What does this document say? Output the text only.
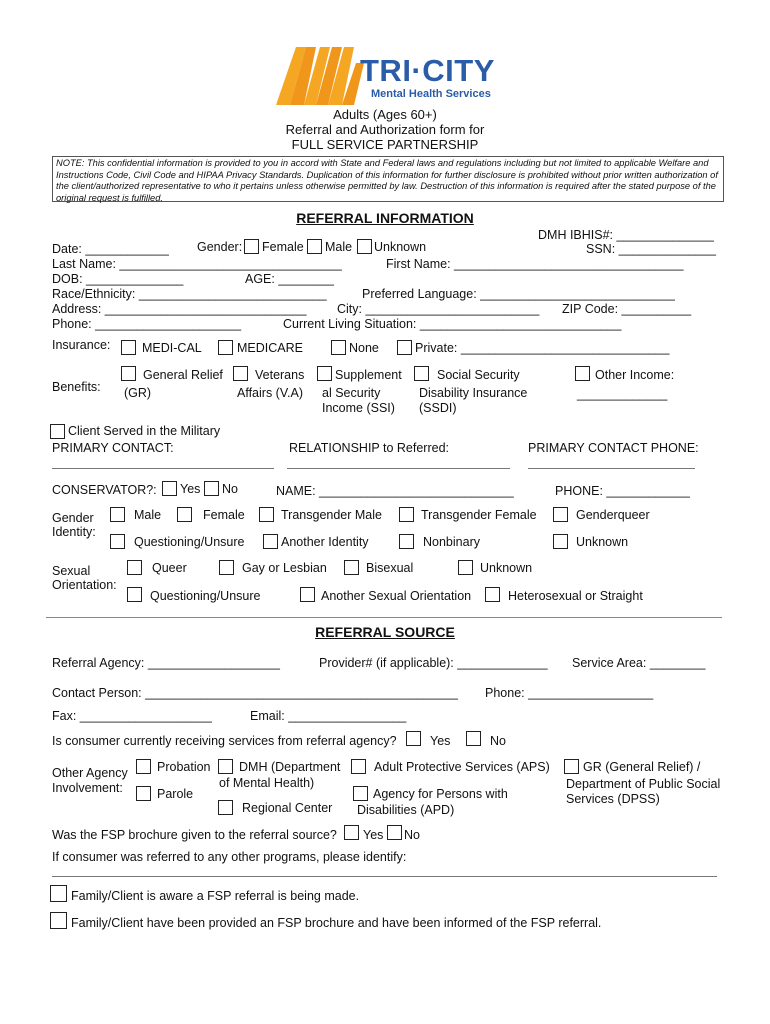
TRI·CITY
Mental Health Services
Adults (Ages 60+)
Referral and Authorization form for
FULL SERVICE PARTNERSHIP
NOTE: This confidential information is provided to you in accord with State and Federal laws and regulations including but not limited to applicable Welfare and Instructions Code, Civil Code and HIPAA Privacy Standards. Duplication of this information for further disclosure is prohibited without prior written authorization of the client/authorized representative to who it pertains unless otherwise permitted by law. Destruction of this information is required after the stated purpose of the original request is fulfilled.
REFERRAL INFORMATION
DMH IBHIS#: ______________
SSN: ______________
Date: ____________ Gender: Female Male Unknown
Last Name: ________________________________	First Name: _________________________________
DOB: ______________	AGE: ________
Race/Ethnicity: ___________________________	Preferred Language: ____________________________
Address: _____________________________ City: _________________________ ZIP Code: __________
Phone: _____________________	Current Living Situation: _____________________________
Insurance:	MEDI-CAL	MEDICARE	None	Private: ______________________________
Benefits:
General Relief
(GR)
Veterans
Affairs (V.A)
Supplement
al Security
Income (SSI)
Social Security
Disability Insurance
(SSDI)
Other Income:
_____________
Client Served in the Military
PRIMARY CONTACT:	RELATIONSHIP to Referred:	PRIMARY CONTACT PHONE:
CONSERVATOR?: Yes No	NAME: ____________________________	PHONE: ____________
Gender
Identity:
Male	Female	Transgender Male	Transgender Female	Genderqueer
Questioning/Unsure	Another Identity	Nonbinary	Unknown
Sexual
Orientation:
Queer	Gay or Lesbian	Bisexual	Unknown
Questioning/Unsure	Another Sexual Orientation	Heterosexual or Straight
REFERRAL SOURCE
Referral Agency: ___________________	Provider# (if applicable): _____________ Service Area: ________
Contact Person: _____________________________________________ Phone: __________________
Fax: ___________________	Email: _________________
Is consumer currently receiving services from referral agency?	Yes	No
Other Agency
Involvement:
Probation
Parole
DMH (Department
of Mental Health)
Regional Center
Adult Protective Services (APS)
Agency for Persons with
Disabilities (APD)
GR (General Relief) /
Department of Public Social
Services (DPSS)
Was the FSP brochure given to the referral source? Yes No
If consumer was referred to any other programs, please identify:
Family/Client is aware a FSP referral is being made.
Family/Client have been provided an FSP brochure and have been informed of the FSP referral.
